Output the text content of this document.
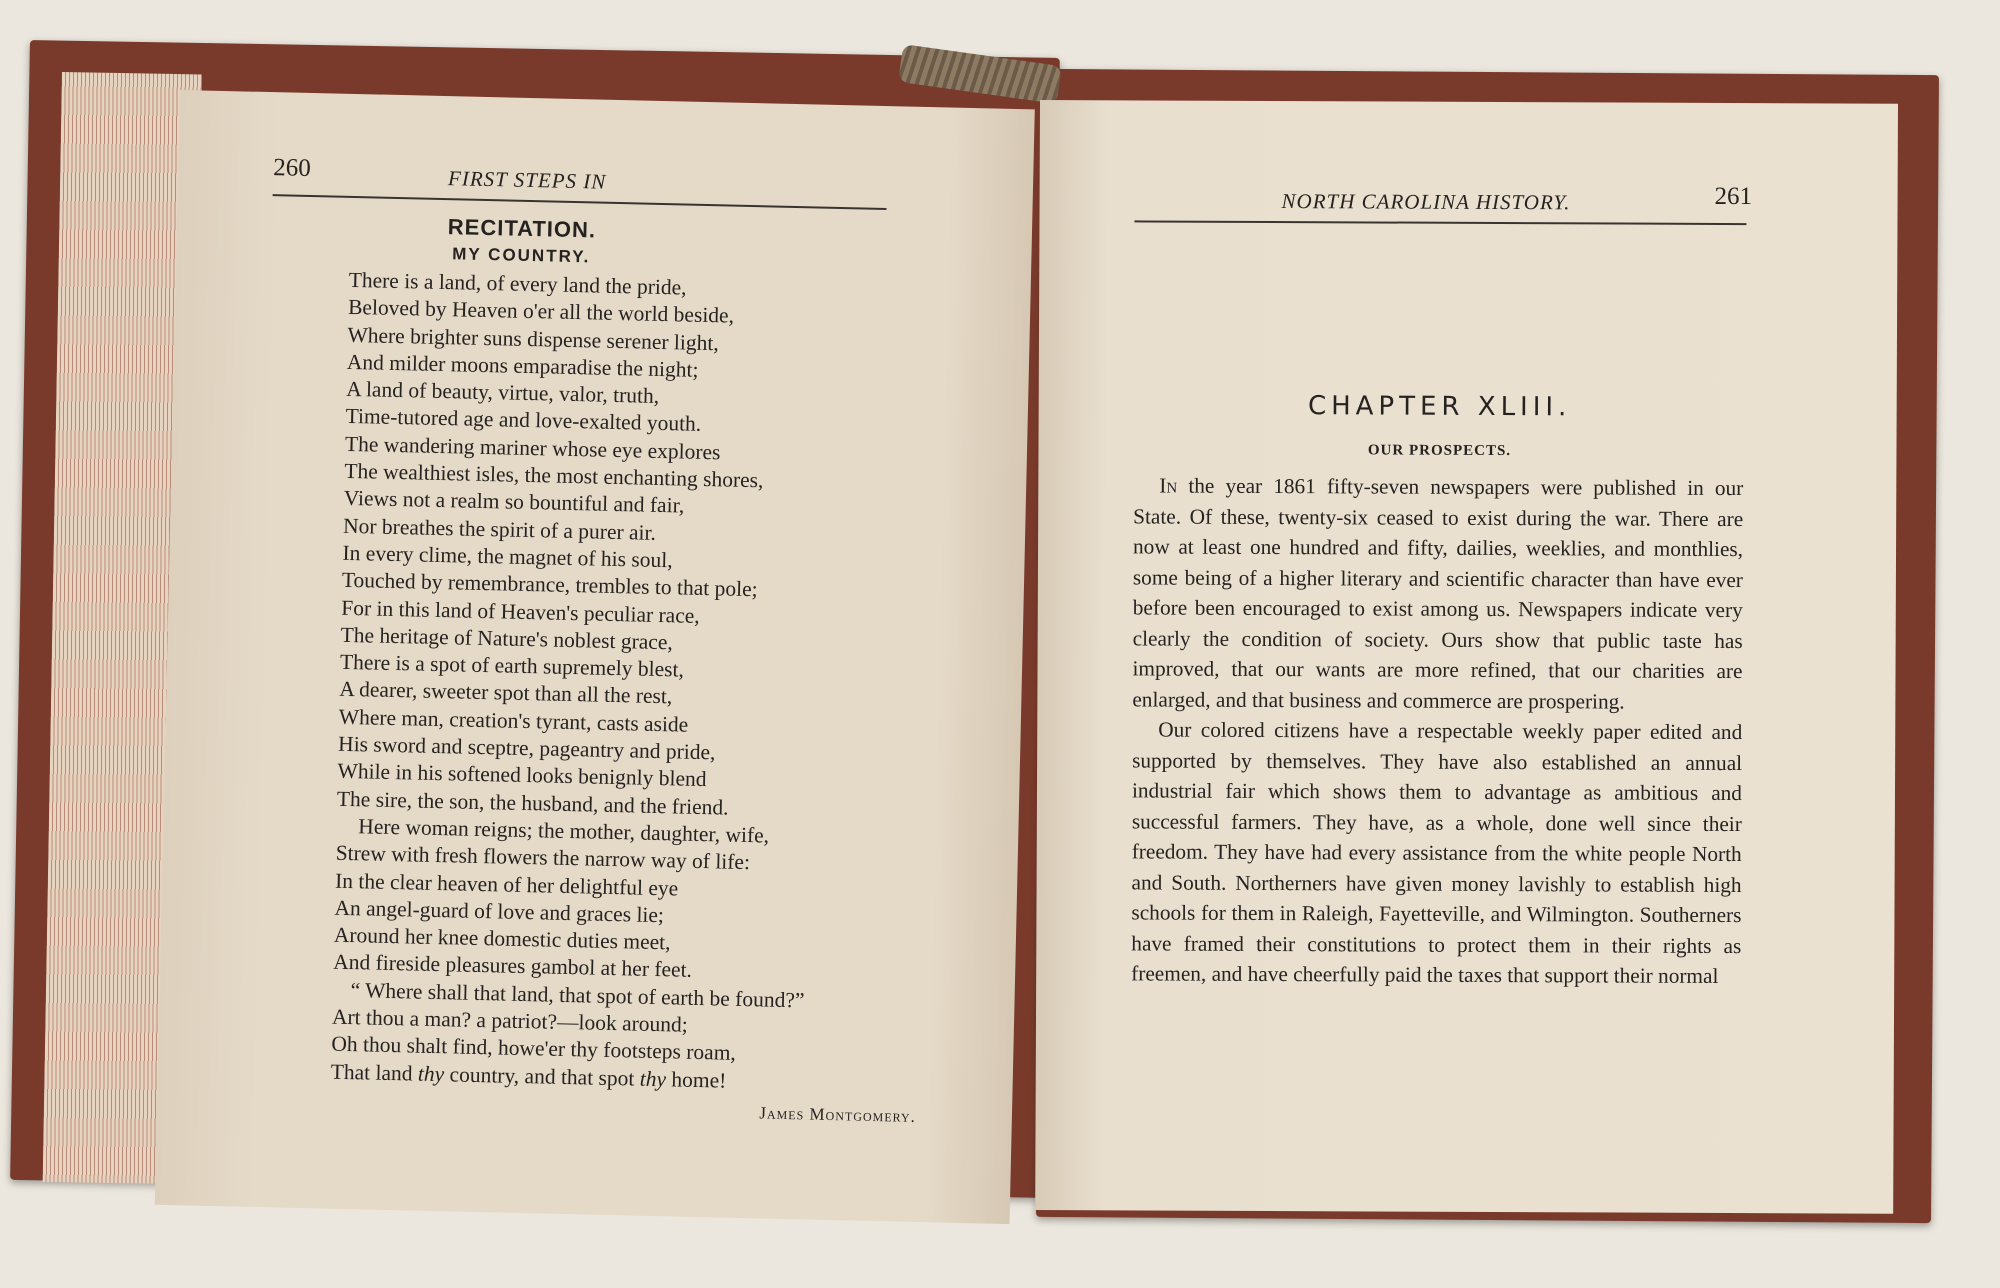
260	FIRST STEPS IN
RECITATION.
MY COUNTRY.
There is a land, of every land the pride,
Beloved by Heaven o'er all the world beside,
Where brighter suns dispense serener light,
And milder moons emparadise the night;
A land of beauty, virtue, valor, truth,
Time-tutored age and love-exalted youth.
The wandering mariner whose eye explores
The wealthiest isles, the most enchanting shores,
Views not a realm so bountiful and fair,
Nor breathes the spirit of a purer air.
In every clime, the magnet of his soul,
Touched by remembrance, trembles to that pole;
For in this land of Heaven's peculiar race,
The heritage of Nature's noblest grace,
There is a spot of earth supremely blest,
A dearer, sweeter spot than all the rest,
Where man, creation's tyrant, casts aside
His sword and sceptre, pageantry and pride,
While in his softened looks benignly blend
The sire, the son, the husband, and the friend.
Here woman reigns; the mother, daughter, wife,
Strew with fresh flowers the narrow way of life:
In the clear heaven of her delightful eye
An angel-guard of love and graces lie;
Around her knee domestic duties meet,
And fireside pleasures gambol at her feet.
“ Where shall that land, that spot of earth be found?”
Art thou a man? a patriot?—look around;
Oh thou shalt find, howe'er thy footsteps roam,
That land thy country, and that spot thy home!
James Montgomery.
NORTH CAROLINA HISTORY.	261
CHAPTER XLIII.
OUR PROSPECTS.

In the year 1861 fifty-seven newspapers were published in our State. Of these, twenty-six ceased to exist during the war. There are now at least one hundred and fifty, dailies, weeklies, and monthlies, some being of a higher literary and scientific character than have ever before been encouraged to exist among us. Newspapers indicate very clearly the condition of society. Ours show that public taste has improved, that our wants are more refined, that our charities are enlarged, and that business and commerce are prospering.

Our colored citizens have a respectable weekly paper edited and supported by themselves. They have also established an annual industrial fair which shows them to advantage as ambitious and successful farmers. They have, as a whole, done well since their freedom. They have had every assistance from the white people North and South. Northerners have given money lavishly to establish high schools for them in Raleigh, Fayetteville, and Wilmington. Southerners have framed their constitutions to protect them in their rights as freemen, and have cheerfully paid the taxes that support their normal
